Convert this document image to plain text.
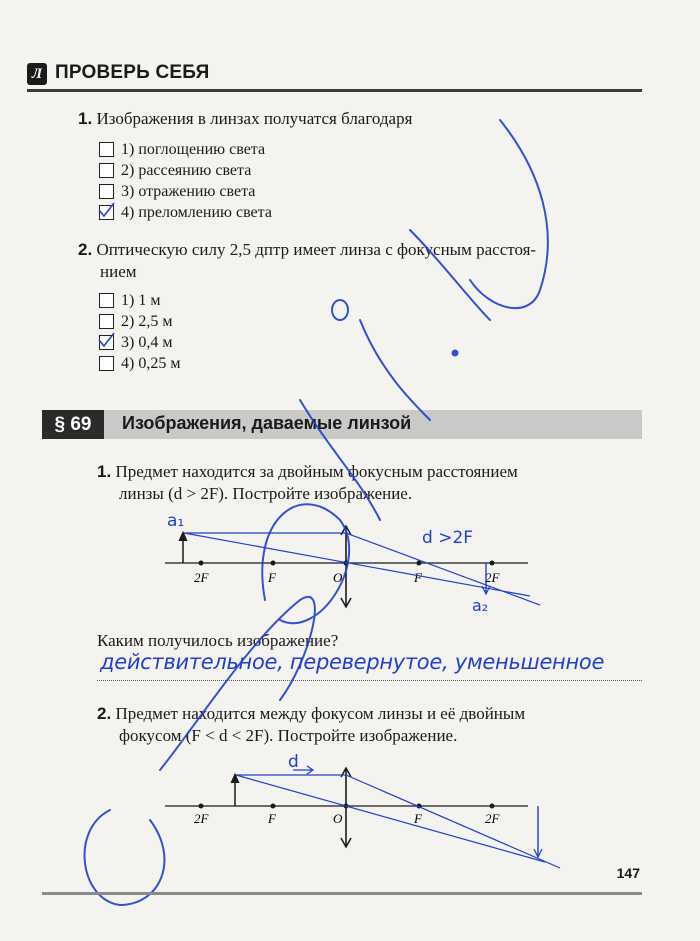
Л ПРОВЕРЬ СЕБЯ
1. Изображения в линзах получатся благодаря
1) поглощению света
2) рассеянию света
3) отражению света
4) преломлению света
2. Оптическую силу 2,5 дптр имеет линза с фокусным расстоя-
нием
1) 1 м
2) 2,5 м
3) 0,4 м
4) 0,25 м
§ 69	Изображения, даваемые линзой
1. Предмет находится за двойным фокусным расстоянием
линзы (d > 2F). Постройте изображение.
2F	F	O	F	2F
a₁
d >2F
a₂
Каким получилось изображение?
действительное, перевернутое, уменьшенное
2. Предмет находится между фокусом линзы и её двойным
фокусом (F < d < 2F). Постройте изображение.
2F	F	O	F	2F
d
147
